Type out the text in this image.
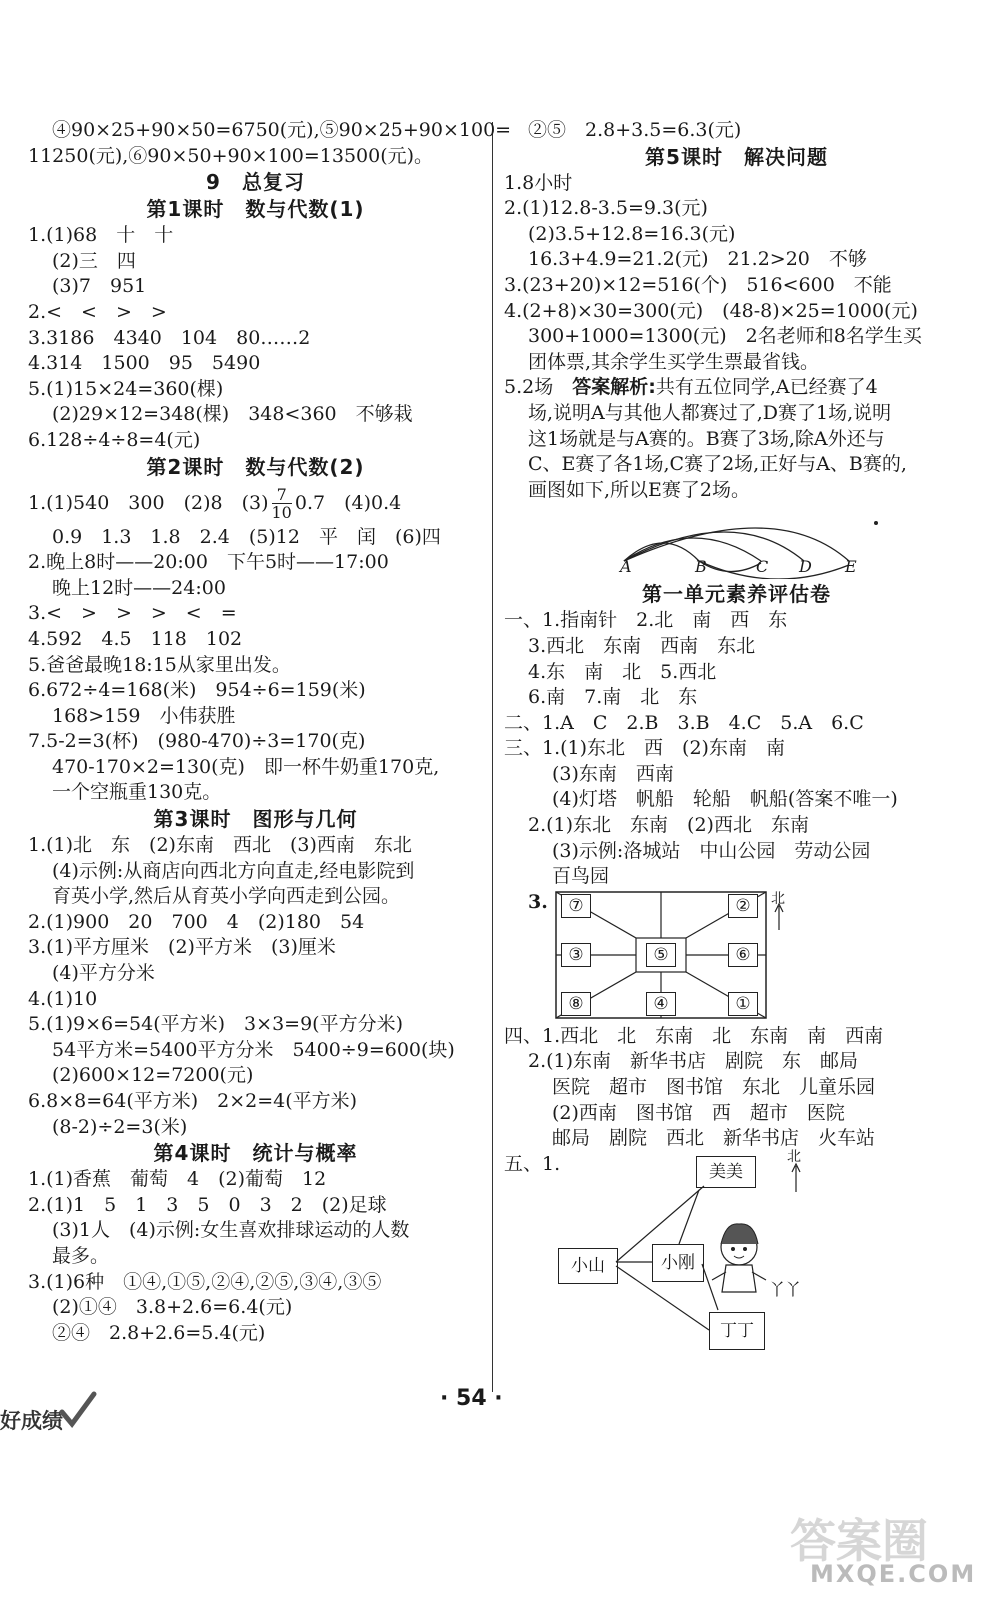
④90×25+90×50=6750(元),⑤90×25+90×100=
11250(元),⑥90×50+90×100=13500(元)。
9　总复习
第1课时　数与代数(1)
1.(1)68　十　十
(2)三　四
(3)7　951
2.<　<　>　>
3.3186　4340　104　80……2
4.314　1500　95　5490
5.(1)15×24=360(棵)
(2)29×12=348(棵)　348<360　不够栽
6.128÷4÷8=4(元)
第2课时　数与代数(2)
1.(1)540　300　(2)8　$(3) \frac{7}{10} 0.7$　(4)0.4
0.9　1.3　1.8　2.4　(5)12　平　闰　(6)四
2.晚上8时——20:00　下午5时——17:00
晚上12时——24:00
3.<　>　>　>　<　=
4.592　4.5　118　102
5.爸爸最晚18:15从家里出发。
6.672÷4=168(米)　954÷6=159(米)
168>159　小伟获胜
7.5-2=3(杯)　(980-470)÷3=170(克)
470-170×2=130(克)　即一杯牛奶重170克,
一个空瓶重130克。
第3课时　图形与几何
1.(1)北　东　(2)东南　西北　(3)西南　东北
(4)示例:从商店向西北方向直走,经电影院到
育英小学,然后从育英小学向西走到公园。
2.(1)900　20　700　4　(2)180　54
3.(1)平方厘米　(2)平方米　(3)厘米
(4)平方分米
4.(1)10
5.(1)9×6=54(平方米)　3×3=9(平方分米)
54平方米=5400平方分米　5400÷9=600(块)
(2)600×12=7200(元)
6.8×8=64(平方米)　2×2=4(平方米)
(8-2)÷2=3(米)
第4课时　统计与概率
1.(1)香蕉　葡萄　4　(2)葡萄　12
2.(1)1　5　1　3　5　0　3　2　(2)足球
(3)1人　(4)示例:女生喜欢排球运动的人数
最多。
3.(1)6种　①④,①⑤,②④,②⑤,③④,③⑤
(2)①④　3.8+2.6=6.4(元)
②④　2.8+2.6=5.4(元)
②⑤　2.8+3.5=6.3(元)
第5课时　解决问题
1.8小时
2.(1)12.8-3.5=9.3(元)
(2)3.5+12.8=16.3(元)
16.3+4.9=21.2(元)　21.2>20　不够
3.(23+20)×12=516(个)　516<600　不能
4.(2+8)×30=300(元)　(48-8)×25=1000(元)
300+1000=1300(元)　2名老师和8名学生买
团体票,其余学生买学生票最省钱。
5.2场　 答案解析:共有五位同学,A已经赛了4
场,说明A与其他人都赛过了,D赛了1场,说明
这1场就是与A赛的。B赛了3场,除A外还与
C、E赛了各1场,C赛了2场,正好与A、B赛的,
画图如下,所以E赛了2场。
A	B	C D E
第一单元素养评估卷
一、1.指南针　2.北　南　西　东
3.西北　东南　西南　东北
4.东　南　北　5.西北
6.南　7.南　北　东
二、1.A　C　2.B　3.B　4.C　5.A　6.C
三、1.(1)东北　西　(2)东南　南
(3)东南　西南
(4)灯塔　帆船　轮船　帆船(答案不唯一)
2.(1)东北　东南　(2)西北　东南
(3)示例:洛城站　中山公园　劳动公园
百鸟园
3.	⑦	②
③	⑤	⑥
⑧	④	①
北
四、1.西北　北　东南　北　东南　南　西南
2.(1)东南　新华书店　剧院　东　邮局
医院　超市　图书馆　东北　儿童乐园
(2)西南　图书馆　西　超市　医院
邮局　剧院　西北　新华书店　火车站
五、1.	美美
小山	小刚
丁丁
北
丫丫
· 54 ·
好成绩
答案圈
MXQE.COM
